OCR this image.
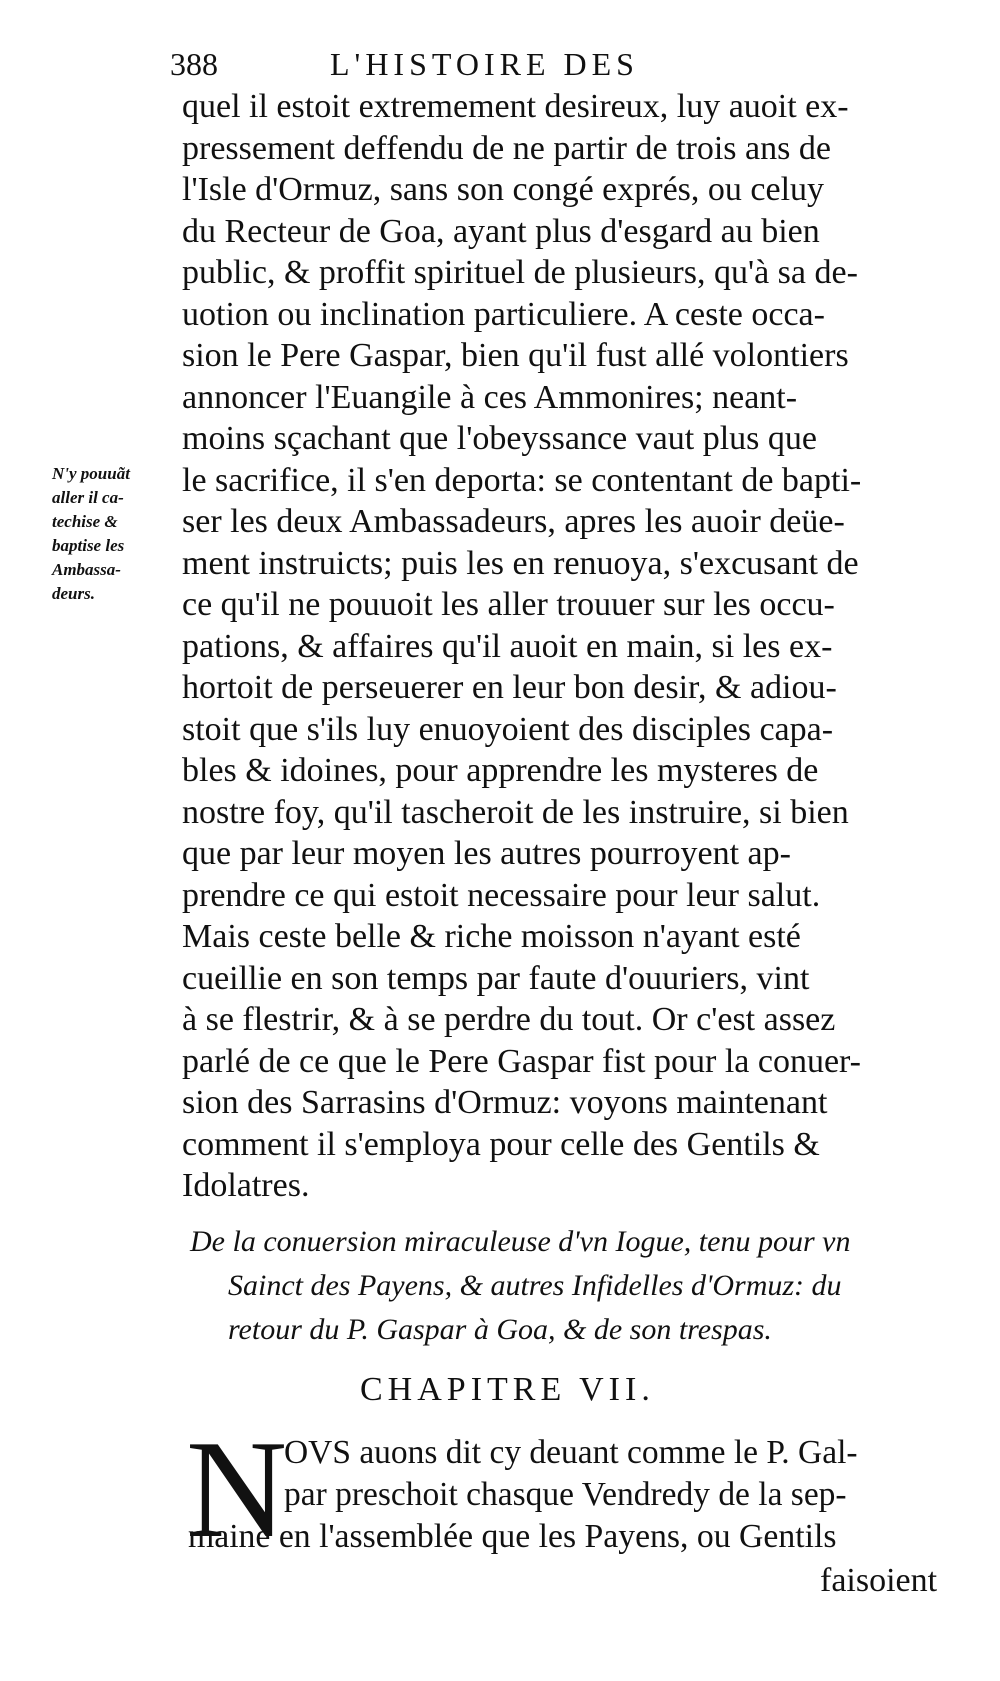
388	L'HISTOIRE DES
quel il estoit extremement desireux, luy auoit ex-
pressement deffendu de ne partir de trois ans de
l'Isle d'Ormuz, sans son congé exprés, ou celuy
du Recteur de Goa, ayant plus d'esgard au bien
public, & proffit spirituel de plusieurs, qu'à sa de-
uotion ou inclination particuliere. A ceste occa-
sion le Pere Gaspar, bien qu'il fust allé volontiers
annoncer l'Euangile à ces Ammonires; neant-
moins sçachant que l'obeyssance vaut plus que
le sacrifice, il s'en deporta: se contentant de bapti-
ser les deux Ambassadeurs, apres les auoir deüe-
ment instruicts; puis les en renuoya, s'excusant de
ce qu'il ne pouuoit les aller trouuer sur les occu-
pations, & affaires qu'il auoit en main, si les ex-
hortoit de perseuerer en leur bon desir, & adiou-
stoit que s'ils luy enuoyoient des disciples capa-
bles & idoines, pour apprendre les mysteres de
nostre foy, qu'il tascheroit de les instruire, si bien
que par leur moyen les autres pourroyent ap-
prendre ce qui estoit necessaire pour leur salut.
Mais ceste belle & riche moisson n'ayant esté
cueillie en son temps par faute d'ouuriers, vint
à se flestrir, & à se perdre du tout. Or c'est assez
parlé de ce que le Pere Gaspar fist pour la conuer-
sion des Sarrasins d'Ormuz: voyons maintenant
comment il s'employa pour celle des Gentils &
Idolatres.
N'y pouuãt
aller il ca-
techise &
baptise les
Ambassa-
deurs.
De la conuersion miraculeuse d'vn Iogue, tenu pour vn
Sainct des Payens, & autres Infidelles d'Ormuz: du
retour du P. Gaspar à Goa, & de son trespas.
CHAPITRE VII.
N
OVS auons dit cy deuant comme le P. Gal-
par preschoit chasque Vendredy de la sep-
maine en l'assemblée que les Payens, ou Gentils
faisoient
